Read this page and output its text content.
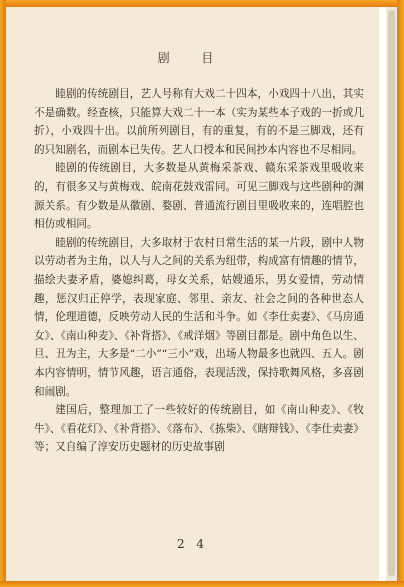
剧 目

睦剧的传统剧目，艺人号称有大戏二十四本，小戏四十八出，其实不是确数。经查核，只能算大戏二十一本（实为某些本子戏的一折或几折），小戏四十出。以前所列剧目，有的重复，有的不是三脚戏，还有的只知剧名，而剧本已失传。艺人口授本和民间抄本内容也不尽相同。

睦剧的传统剧目，大多数是从黄梅采茶戏、赣东采茶戏里吸收来的，有很多又与黄梅戏、皖南花鼓戏雷同。可见三脚戏与这些剧种的渊源关系。有少数是从徽剧、婺剧、普通流行剧目里吸收来的，连唱腔也相仿或相同。

睦剧的传统剧目，大多取材于农村日常生活的某一片段，剧中人物以劳动者为主角，以人与人之间的关系为纽带，构成富有情趣的情节，描绘夫妻矛盾，婆媳纠葛，母女关系，姑嫂通乐，男女爱情，劳动情趣，惩汉归正停学，表现家庭、邻里、亲友、社会之间的各种世态人情，伦理道德，反映劳动人民的生活和斗争。如《李仕卖妻》、《马房通女》、《南山种麦》、《补背搭》、《戒洋烟》等剧目都是。剧中角色以生、旦、丑为主，大多是“二小”“三小”戏，出场人物最多也就四、五人。剧本内容情明，情节风趣，语言通俗，表现活泼，保持歌舞风格，多喜剧和闹剧。

建国后，整理加工了一些较好的传统剧目，如《南山种麦》、《牧牛》、《看花灯》、《补背搭》、《落布》、《拣柴》、《瞎辩钱》、《李仕卖妻》等；又自编了淳安历史题材的历史故事剧

2 4
